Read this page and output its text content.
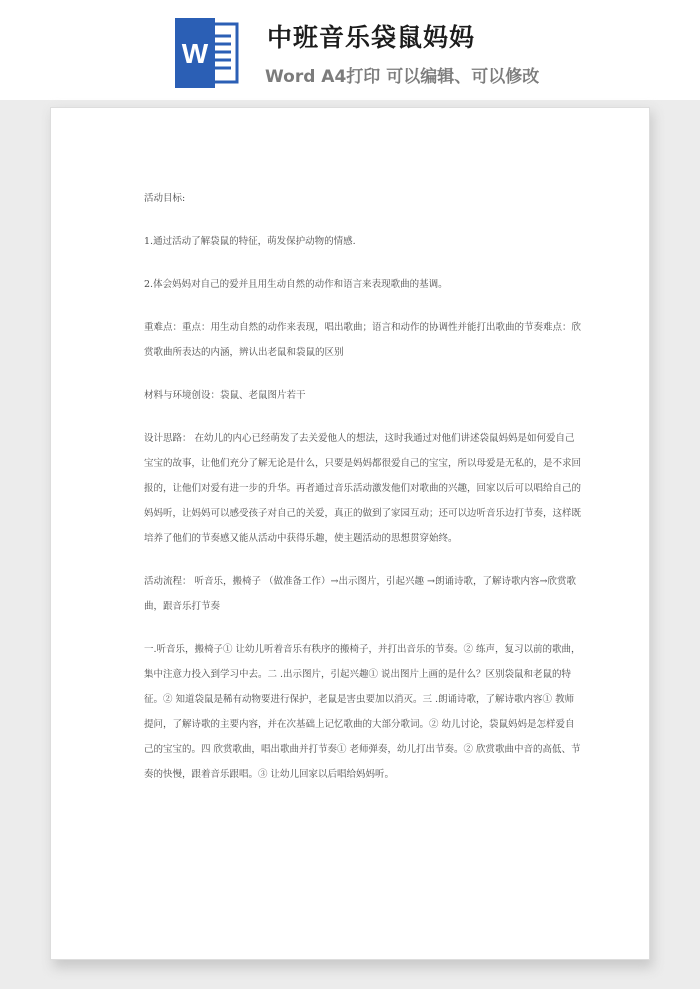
W
中班音乐袋鼠妈妈
Word A4打印 可以编辑、可以修改

活动目标:

1.通过活动了解袋鼠的特征，萌发保护动物的情感.

2.体会妈妈对自己的爱并且用生动自然的动作和语言来表现歌曲的基调。

重难点：重点：用生动自然的动作来表现，唱出歌曲；语言和动作的协调性并能打出歌曲的节奏难点：欣赏歌曲所表达的内涵，辨认出老鼠和袋鼠的区别

材料与环境创设：袋鼠、老鼠图片若干

设计思路： 在幼儿的内心已经萌发了去关爱他人的想法，这时我通过对他们讲述袋鼠妈妈是如何爱自己宝宝的故事，让他们充分了解无论是什么，只要是妈妈都很爱自己的宝宝，所以母爱是无私的，是不求回报的，让他们对爱有进一步的升华。再者通过音乐活动激发他们对歌曲的兴趣，回家以后可以唱给自己的妈妈听，让妈妈可以感受孩子对自己的关爱，真正的做到了家园互动；还可以边听音乐边打节奏，这样既培养了他们的节奏感又能从活动中获得乐趣，使主题活动的思想贯穿始终。

活动流程： 听音乐，搬椅子 （做准备工作）→出示图片，引起兴趣 →朗诵诗歌，了解诗歌内容→欣赏歌曲，跟音乐打节奏

一.听音乐，搬椅子① 让幼儿听着音乐有秩序的搬椅子，并打出音乐的节奏。② 练声，复习以前的歌曲，集中注意力投入到学习中去。二 .出示图片，引起兴趣① 说出图片上画的是什么？区别袋鼠和老鼠的特征。② 知道袋鼠是稀有动物要进行保护，老鼠是害虫要加以消灭。三 .朗诵诗歌，了解诗歌内容① 教师提问，了解诗歌的主要内容，并在次基础上记忆歌曲的大部分歌词。② 幼儿讨论，袋鼠妈妈是怎样爱自己的宝宝的。四 欣赏歌曲，唱出歌曲并打节奏① 老师弹奏，幼儿打出节奏。② 欣赏歌曲中音的高低、节奏的快慢，跟着音乐跟唱。③ 让幼儿回家以后唱给妈妈听。
